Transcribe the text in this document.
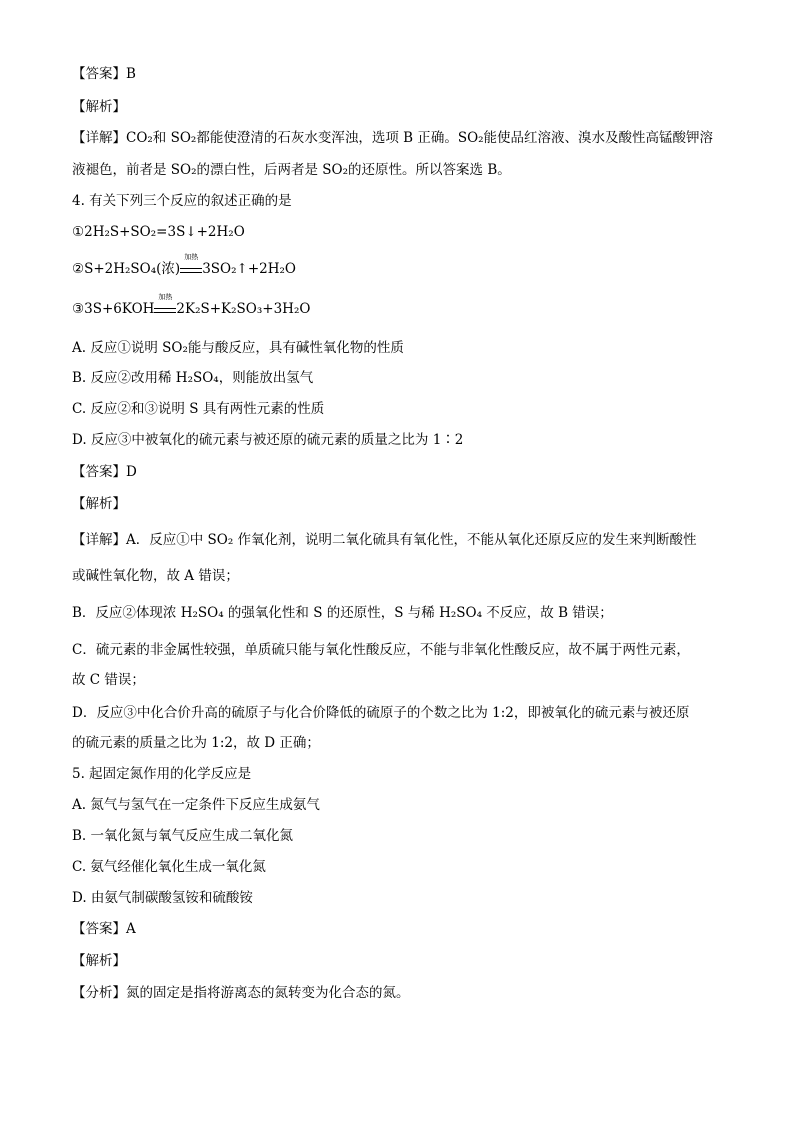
【答案】B
【解析】
【详解】CO₂和 SO₂都能使澄清的石灰水变浑浊，选项 B 正确。SO₂能使品红溶液、溴水及酸性高锰酸钾溶
液褪色，前者是 SO₂的漂白性，后两者是 SO₂的还原性。所以答案选 B。
4. 有关下列三个反应的叙述正确的是
①2H₂S+SO₂=3S↓+2H₂O
②S+2H₂SO₄(浓)
加热
3SO₂↑+2H₂O
③3S+6KOH
加热
2K₂S+K₂SO₃+3H₂O
A. 反应①说明 SO₂能与酸反应，具有碱性氧化物的性质
B. 反应②改用稀 H₂SO₄，则能放出氢气
C. 反应②和③说明 S 具有两性元素的性质
D. 反应③中被氧化的硫元素与被还原的硫元素的质量之比为 1∶2
【答案】D
【解析】
【详解】A．反应①中 SO₂ 作氧化剂，说明二氧化硫具有氧化性，不能从氧化还原反应的发生来判断酸性
或碱性氧化物，故 A 错误；
B．反应②体现浓 H₂SO₄ 的强氧化性和 S 的还原性，S 与稀 H₂SO₄ 不反应，故 B 错误；
C．硫元素的非金属性较强，单质硫只能与氧化性酸反应，不能与非氧化性酸反应，故不属于两性元素，
故 C 错误；
D．反应③中化合价升高的硫原子与化合价降低的硫原子的个数之比为 1:2，即被氧化的硫元素与被还原
的硫元素的质量之比为 1:2，故 D 正确；
5. 起固定氮作用的化学反应是
A. 氮气与氢气在一定条件下反应生成氨气
B. 一氧化氮与氧气反应生成二氧化氮
C. 氨气经催化氧化生成一氧化氮
D. 由氨气制碳酸氢铵和硫酸铵
【答案】A
【解析】
【分析】氮的固定是指将游离态的氮转变为化合态的氮。
